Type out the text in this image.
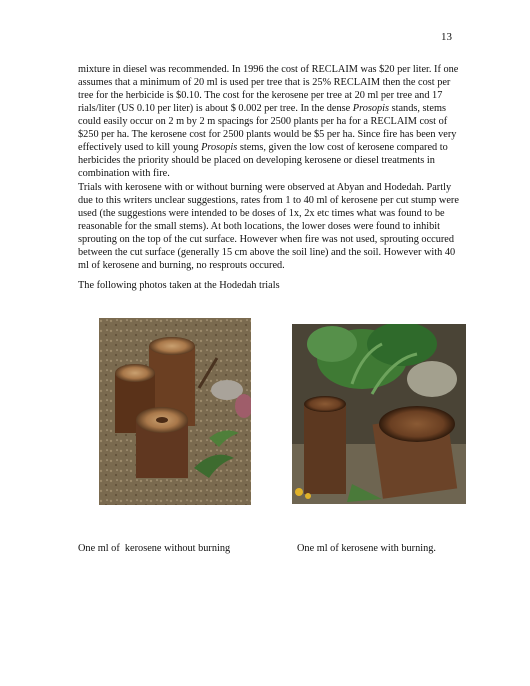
13

mixture in diesel was recommended. In 1996 the cost of RECLAIM was $20 per liter. If one assumes that a minimum of 20 ml is used per tree that is 25% RECLAIM then the cost per tree for the herbicide is $0.10. The cost for the kerosene per tree at 20 ml per tree and 17 rials/liter (US 0.10 per liter) is about $ 0.002 per tree. In the dense Prosopis stands, stems could easily occur on 2 m by 2 m spacings for 2500 plants per ha for a RECLAIM cost of $250 per ha. The kerosene cost for 2500 plants would be $5 per ha. Since fire has been very effectively used to kill young Prosopis stems, given the low cost of kerosene compared to herbicides the priority should be placed on developing kerosene or diesel treatments in combination with fire.

Trials with kerosene with or without burning were observed at Abyan and Hodedah. Partly due to this writers unclear suggestions, rates from 1 to 40 ml of kerosene per cut stump were used (the suggestions were intended to be doses of 1x, 2x etc times what was found to be reasonable for the small stems). At both locations, the lower doses were found to inhibit sprouting on the top of the cut surface. However when fire was not used, sprouting occured between the cut surface (generally 15 cm above the soil line) and the soil. However with 40 ml of kerosene and burning, no resprouts occured.

The following photos taken at the Hodedah trials

One ml of  kerosene without burning	One ml of kerosene with burning.
